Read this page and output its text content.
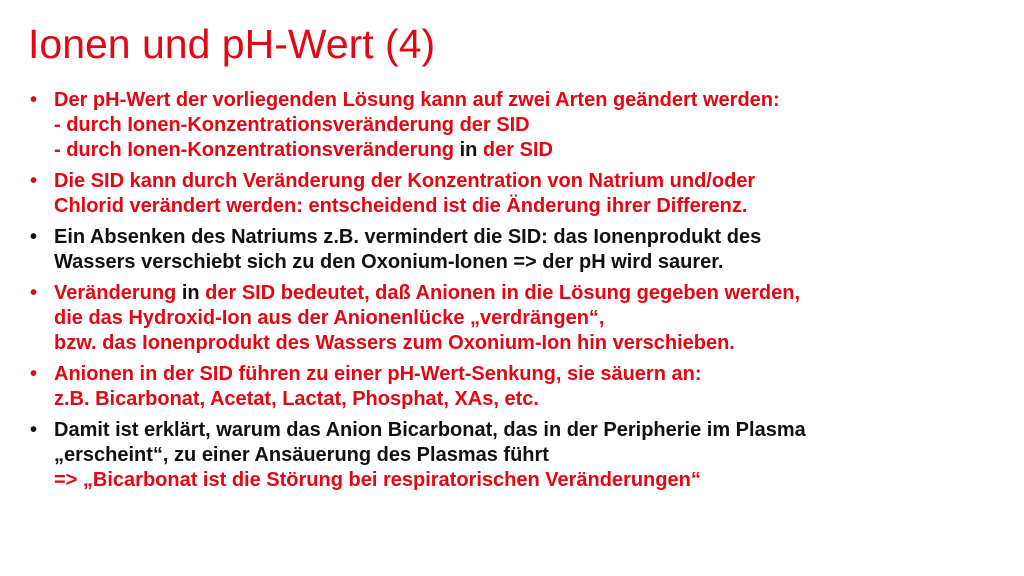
Ionen und pH-Wert (4)
• Der pH-Wert der vorliegenden Lösung kann auf zwei Arten geändert werden:
- durch Ionen-Konzentrationsveränderung der SID
- durch Ionen-Konzentrationsveränderung in der SID
• Die SID kann durch Veränderung der Konzentration von Natrium und/oder
Chlorid verändert werden: entscheidend ist die Änderung ihrer Differenz.
• Ein Absenken des Natriums z.B. vermindert die SID: das Ionenprodukt des
Wassers verschiebt sich zu den Oxonium-Ionen => der pH wird saurer.
• Veränderung in der SID bedeutet, daß Anionen in die Lösung gegeben werden,
die das Hydroxid-Ion aus der Anionenlücke „verdrängen“,
bzw. das Ionenprodukt des Wassers zum Oxonium-Ion hin verschieben.
• Anionen in der SID führen zu einer pH-Wert-Senkung, sie säuern an:
z.B. Bicarbonat, Acetat, Lactat, Phosphat, XAs, etc.
• Damit ist erklärt, warum das Anion Bicarbonat, das in der Peripherie im Plasma
„erscheint“, zu einer Ansäuerung des Plasmas führt
=> „Bicarbonat ist die Störung bei respiratorischen Veränderungen“
